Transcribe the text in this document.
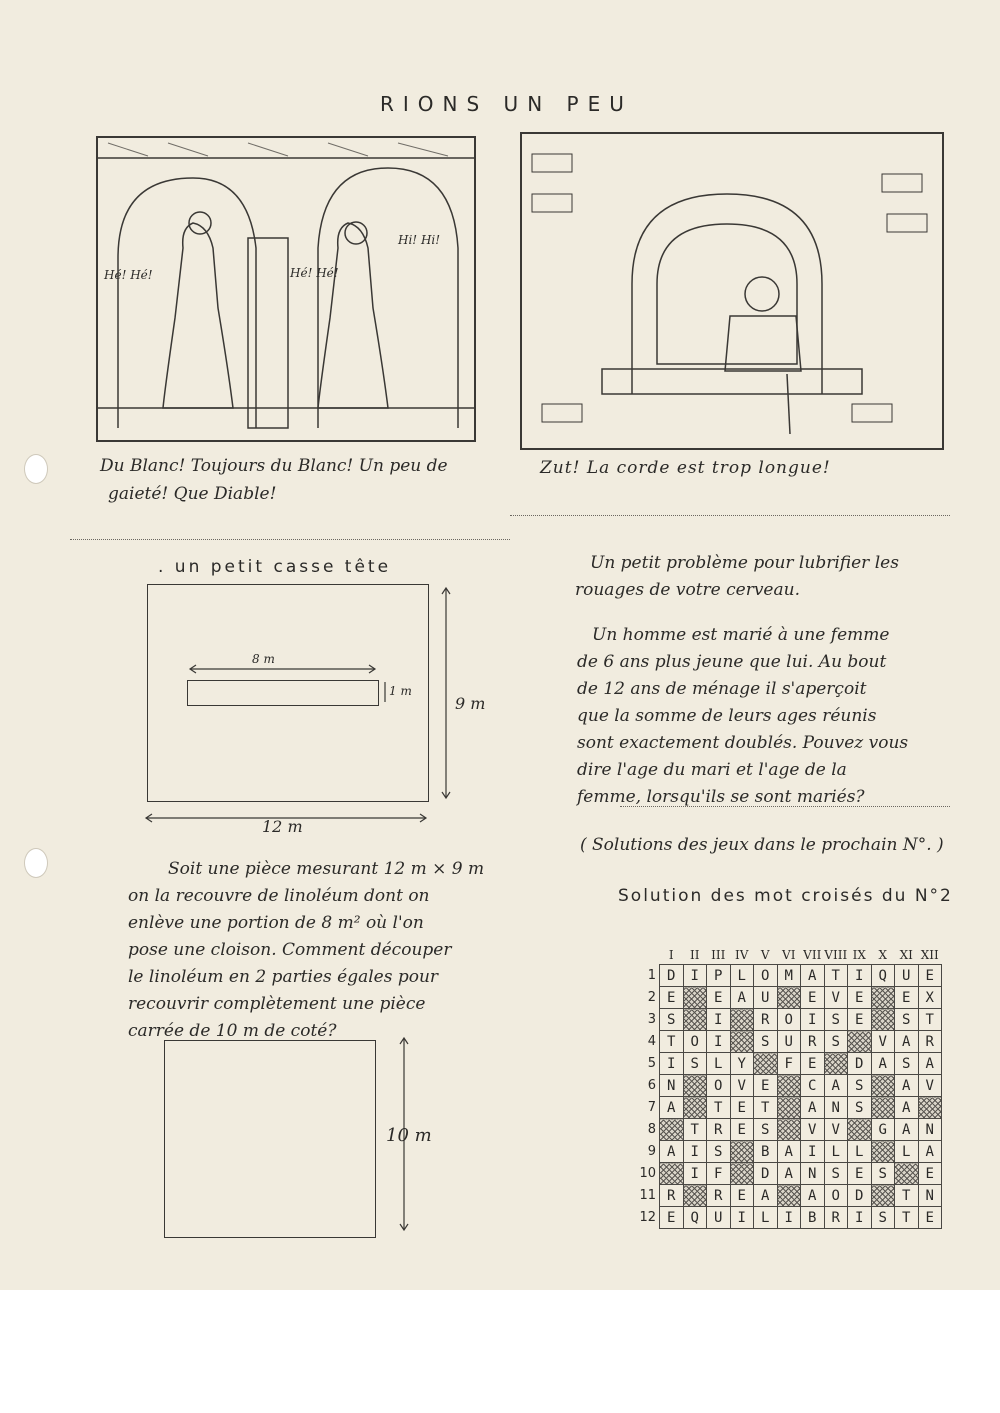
RIONS UN PEU
Hé! Hé!	Hé! Hé!
Hi! Hi!
Du Blanc! Toujours du Blanc! Un peu de
gaieté! Que Diable!
Zut! La corde est trop longue!
. un petit casse tête
8 m
1 m
9 m
12 m
Soit une pièce mesurant 12 m × 9 m
on la recouvre de linoléum dont on
enlève une portion de 8 m² où l'on
pose une cloison. Comment découper
le linoléum en 2 parties égales pour
recouvrir complètement une pièce
carrée de 10 m de coté?
10 m
Un petit problème pour lubrifier les
rouages de votre cerveau.
Un homme est marié à une femme
de 6 ans plus jeune que lui. Au bout
de 12 ans de ménage il s'aperçoit
que la somme de leurs ages réunis
sont exactement doublés. Pouvez vous
dire l'age du mari et l'age de la
femme, lorsqu'ils se sont mariés?
( Solutions des jeux dans le prochain N°. )
Solution des mot croisés du N°2
	I	II	III	IV	V	VI	VII	VIII	IX	X	XI	XII
1	D	I	P	L	O	M	A	T	I	Q	U	E
2	E		E	A	U		E	V	E		E	X
3	S		I		R	O	I	S	E		S	T
4	T	O	I		S	U	R	S		V	A	R
5	I	S	L	Y		F	E		D	A	S	A
6	N		O	V	E		C	A	S		A	V
7	A		T	E	T		A	N	S		A	
8		T	R	E	S		V	V		G	A	N
9	A	I	S		B	A	I	L	L		L	A
10		I	F		D	A	N	S	E	S		E
11	R		R	E	A		A	O	D		T	N
12	E	Q	U	I	L	I	B	R	I	S	T	E
